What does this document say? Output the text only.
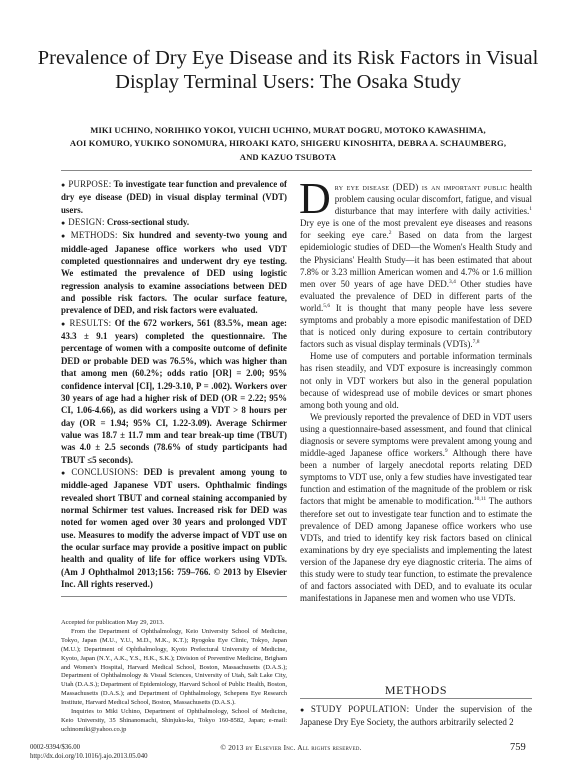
Prevalence of Dry Eye Disease and its Risk Factors in Visual Display Terminal Users: The Osaka Study
MIKI UCHINO, NORIHIKO YOKOI, YUICHI UCHINO, MURAT DOGRU, MOTOKO KAWASHIMA,
AOI KOMURO, YUKIKO SONOMURA, HIROAKI KATO, SHIGERU KINOSHITA, DEBRA A. SCHAUMBERG,
AND KAZUO TSUBOTA

● PURPOSE: To investigate tear function and prevalence of dry eye disease (DED) in visual display terminal (VDT) users.

● DESIGN: Cross-sectional study.

● METHODS: Six hundred and seventy-two young and middle-aged Japanese office workers who used VDT completed questionnaires and underwent dry eye testing. We estimated the prevalence of DED using logistic regression analysis to examine associations between DED and possible risk factors. The ocular surface feature, prevalence of DED, and risk factors were evaluated.

● RESULTS: Of the 672 workers, 561 (83.5%, mean age: 43.3 ± 9.1 years) completed the questionnaire. The percentage of women with a composite outcome of definite DED or probable DED was 76.5%, which was higher than that among men (60.2%; odds ratio [OR] = 2.00; 95% confidence interval [CI], 1.29-3.10, P = .002). Workers over 30 years of age had a higher risk of DED (OR = 2.22; 95% CI, 1.06-4.66), as did workers using a VDT > 8 hours per day (OR = 1.94; 95% CI, 1.22-3.09). Average Schirmer value was 18.7 ± 11.7 mm and tear break-up time (TBUT) was 4.0 ± 2.5 seconds (78.6% of study participants had TBUT ≤5 seconds).

● CONCLUSIONS: DED is prevalent among young to middle-aged Japanese VDT users. Ophthalmic findings revealed short TBUT and corneal staining accompanied by normal Schirmer test values. Increased risk for DED was noted for women aged over 30 years and prolonged VDT use. Measures to modify the adverse impact of VDT use on the ocular surface may provide a positive impact on public health and quality of life for office workers using VDTs. (Am J Ophthalmol 2013;156: 759–766. © 2013 by Elsevier Inc. All rights reserved.)

Accepted for publication May 29, 2013.

From the Department of Ophthalmology, Keio University School of Medicine, Tokyo, Japan (M.U., Y.U., M.D., M.K., K.T.); Ryogoku Eye Clinic, Tokyo, Japan (M.U.); Department of Ophthalmology, Kyoto Prefectural University of Medicine, Kyoto, Japan (N.Y., A.K., Y.S., H.K., S.K.); Division of Preventive Medicine, Brigham and Women's Hospital, Harvard Medical School, Boston, Massachusetts (D.A.S.); Department of Ophthalmology & Visual Sciences, University of Utah, Salt Lake City, Utah (D.A.S.); Department of Epidemiology, Harvard School of Public Health, Boston, Massachusetts (D.A.S.); and Department of Ophthalmology, Schepens Eye Research Institute, Harvard Medical School, Boston, Massachusetts (D.A.S.).

Inquiries to Miki Uchino, Department of Ophthalmology, School of Medicine, Keio University, 35 Shinanomachi, Shinjuku-ku, Tokyo 160-8582, Japan; e-mail: uchinomiki@yahoo.co.jp

Dry eye disease (DED) is an important public health problem causing ocular discomfort, fatigue, and visual disturbance that may interfere with daily activities.$^1$ Dry eye is one of the most prevalent eye diseases and reasons for seeking eye care.$^2$ Based on data from the largest epidemiologic studies of DED—the Women's Health Study and the Physicians' Health Study—it has been estimated that about 7.8% or 3.23 million American women and 4.7% or 1.6 million men over 50 years of age have DED.$^{3,4}$ Other studies have evaluated the prevalence of DED in different parts of the world.$^{5,6}$ It is thought that many people have less severe symptoms and probably a more episodic manifestation of DED that is noticed only during exposure to certain contributory factors such as visual display terminals (VDTs).$^{7,8}$

Home use of computers and portable information terminals has risen steadily, and VDT exposure is increasingly common not only in VDT workers but also in the general population because of widespread use of mobile devices or smart phones among both young and old.

We previously reported the prevalence of DED in VDT users using a questionnaire-based assessment, and found that clinical diagnosis or severe symptoms were prevalent among young and middle-aged Japanese office workers.$^9$ Although there have been a number of largely anecdotal reports relating DED symptoms to VDT use, only a few studies have investigated tear function and estimation of the magnitude of the problem or risk factors that might be amenable to modification.$^{10,11}$ The authors therefore set out to investigate tear function and to estimate the prevalence of DED among Japanese office workers who use VDTs, and tried to identify key risk factors based on clinical examinations by dry eye specialists and implementing the latest version of the Japanese dry eye diagnostic criteria. The aims of this study were to study tear function, to estimate the prevalence of and factors associated with DED, and to evaluate its ocular manifestations in Japanese men and women who use VDTs.

METHODS
● STUDY POPULATION: Under the supervision of the Japanese Dry Eye Society, the authors arbitrarily selected 2
0002-9394/$36.00
http://dx.doi.org/10.1016/j.ajo.2013.05.040
© 2013 by Elsevier Inc. All rights reserved.	759
